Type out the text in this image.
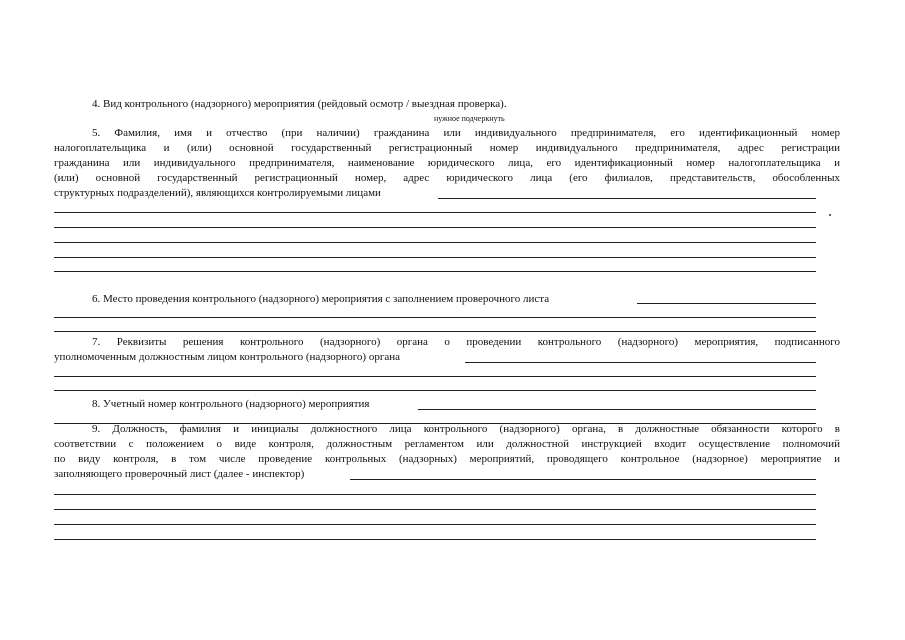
4. Вид контрольного (надзорного) мероприятия (рейдовый осмотр / выездная проверка).
нужное подчеркнуть
5. Фамилия, имя и отчество (при наличии) гражданина или индивидуального предпринимателя, его идентификационный номер
налогоплательщика и (или) основной государственный регистрационный номер индивидуального предпринимателя, адрес регистрации
гражданина или индивидуального предпринимателя, наименование юридического лица, его идентификационный номер налогоплательщика и
(или) основной государственный регистрационный номер, адрес юридического лица (его филиалов, представительств, обособленных
структурных подразделений), являющихся контролируемыми лицами
6. Место проведения контрольного (надзорного) мероприятия с заполнением проверочного листа
7. Реквизиты решения контрольного (надзорного) органа о проведении контрольного (надзорного) мероприятия, подписанного
уполномоченным должностным лицом контрольного (надзорного) органа
8. Учетный номер контрольного (надзорного) мероприятия
9. Должность, фамилия и инициалы должностного лица контрольного (надзорного) органа, в должностные обязанности которого в
соответствии с положением о виде контроля, должностным регламентом или должностной инструкцией входит осуществление полномочий
по виду контроля, в том числе проведение контрольных (надзорных) мероприятий, проводящего контрольное (надзорное) мероприятие и
заполняющего проверочный лист (далее - инспектор)
